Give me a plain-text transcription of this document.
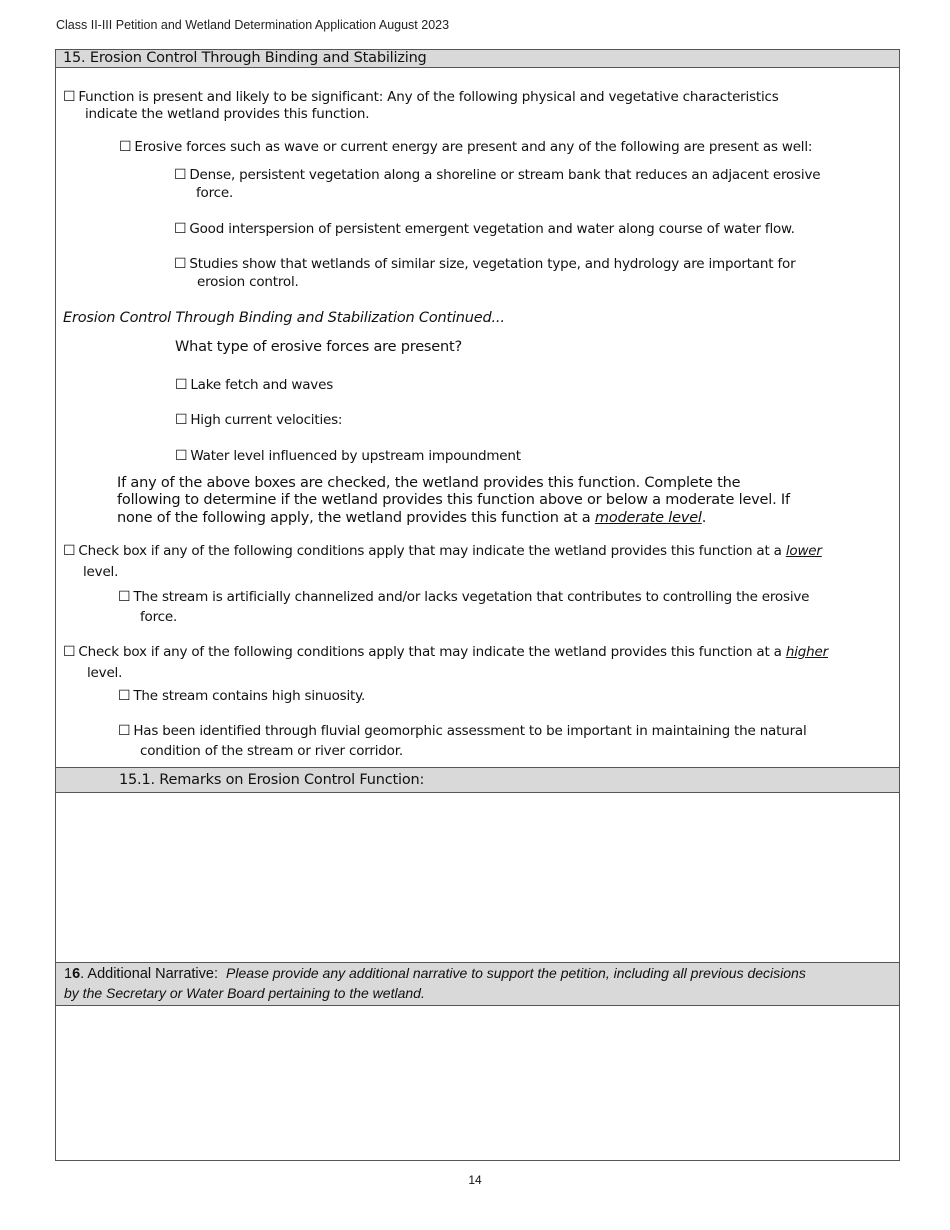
Class II-III Petition and Wetland Determination Application August 2023
15. Erosion Control Through Binding and Stabilizing
☐ Function is present and likely to be significant: Any of the following physical and vegetative characteristics
indicate the wetland provides this function.
☐ Erosive forces such as wave or current energy are present and any of the following are present as well:
☐ Dense, persistent vegetation along a shoreline or stream bank that reduces an adjacent erosive
force.
☐ Good interspersion of persistent emergent vegetation and water along course of water flow.
☐ Studies show that wetlands of similar size, vegetation type, and hydrology are important for
erosion control.
Erosion Control Through Binding and Stabilization Continued...
What type of erosive forces are present?
☐ Lake fetch and waves
☐ High current velocities:
☐ Water level influenced by upstream impoundment
If any of the above boxes are checked, the wetland provides this function. Complete the
following to determine if the wetland provides this function above or below a moderate level. If
none of the following apply, the wetland provides this function at a moderate level.
☐ Check box if any of the following conditions apply that may indicate the wetland provides this function at a lower
level.
☐ The stream is artificially channelized and/or lacks vegetation that contributes to controlling the erosive
force.
☐ Check box if any of the following conditions apply that may indicate the wetland provides this function at a higher
level.
☐ The stream contains high sinuosity.
☐ Has been identified through fluvial geomorphic assessment to be important in maintaining the natural
condition of the stream or river corridor.
15.1. Remarks on Erosion Control Function:
16. Additional Narrative: Please provide any additional narrative to support the petition, including all previous decisions
by the Secretary or Water Board pertaining to the wetland.
14
